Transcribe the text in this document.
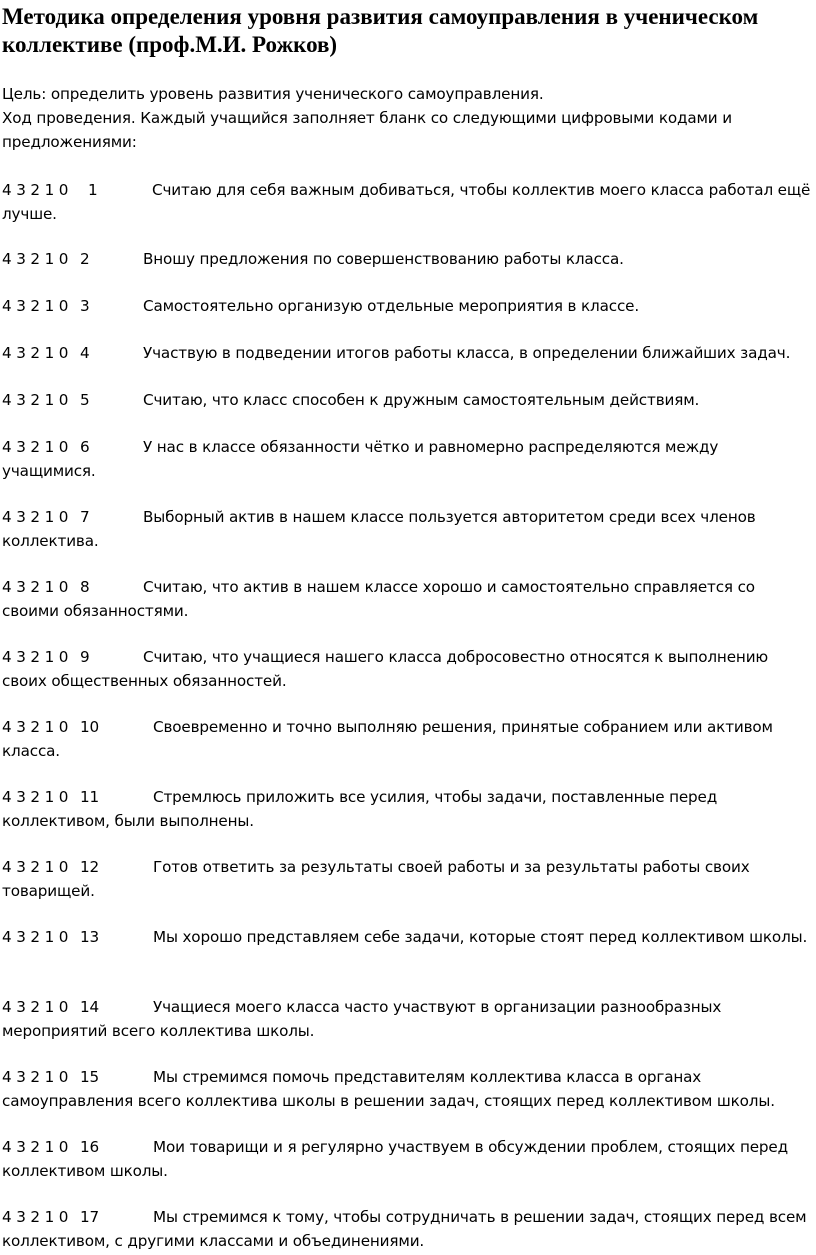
Методика определения уровня развития самоуправления в ученическом коллективе (проф.М.И. Рожков)

Цель: определить уровень развития ученического самоуправления.

Ход проведения. Каждый учащийся заполняет бланк со следующими цифровыми кодами и предложениями:

4 3 2 1 0 1	Считаю для себя важным добиваться, чтобы коллектив моего класса работал ещё лучше.

4 3 2 1 0 2	Вношу предложения по совершенствованию работы класса.

4 3 2 1 0 3	Самостоятельно организую отдельные мероприятия в классе.

4 3 2 1 0 4	Участвую в подведении итогов работы класса, в определении ближайших задач.

4 3 2 1 0 5	Считаю, что класс способен к дружным самостоятельным действиям.

4 3 2 1 0 6	У нас в классе обязанности чётко и равномерно распределяются между учащимися.

4 3 2 1 0 7	Выборный актив в нашем классе пользуется авторитетом среди всех членов коллектива.

4 3 2 1 0 8	Считаю, что актив в нашем классе хорошо и самостоятельно справляется со своими обязанностями.

4 3 2 1 0 9	Считаю, что учащиеся нашего класса добросовестно относятся к выполнению своих общественных обязанностей.

4 3 2 1 0 10	Своевременно и точно выполняю решения, принятые собранием или активом класса.

4 3 2 1 0 11	Стремлюсь приложить все усилия, чтобы задачи, поставленные перед коллективом, были выполнены.

4 3 2 1 0 12	Готов ответить за результаты своей работы и за результаты работы своих товарищей.

4 3 2 1 0 13	Мы хорошо представляем себе задачи, которые стоят перед коллективом школы.

4 3 2 1 0 14	Учащиеся моего класса часто участвуют в организации разнообразных мероприятий всего коллектива школы.

4 3 2 1 0 15	Мы стремимся помочь представителям коллектива класса в органах самоуправления всего коллектива школы в решении задач, стоящих перед коллективом школы.

4 3 2 1 0 16	Мои товарищи и я регулярно участвуем в обсуждении проблем, стоящих перед коллективом школы.

4 3 2 1 0 17	Мы стремимся к тому, чтобы сотрудничать в решении задач, стоящих перед всем коллективом, с другими классами и объединениями.
